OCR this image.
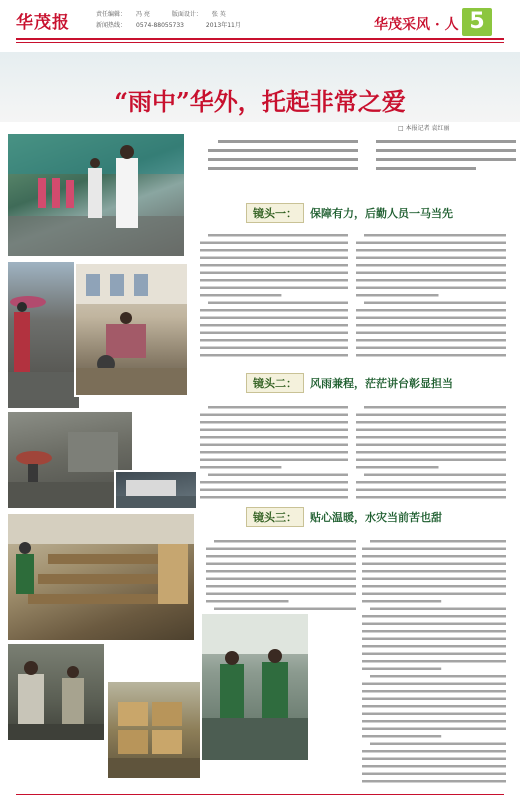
华茂报	责任编辑： 冯 亮	版面设计： 张 英
新闻热线： 0574-88055733	2013年11月	华茂采风 · 人 5
“雨中”华外，托起非常之爱
□ 本报记者 袁红丽
镜头一：	保障有力，后勤人员一马当先
镜头二：	风雨兼程，茫茫讲台彰显担当
镜头三：	贴心温暖，水灾当前苦也甜
